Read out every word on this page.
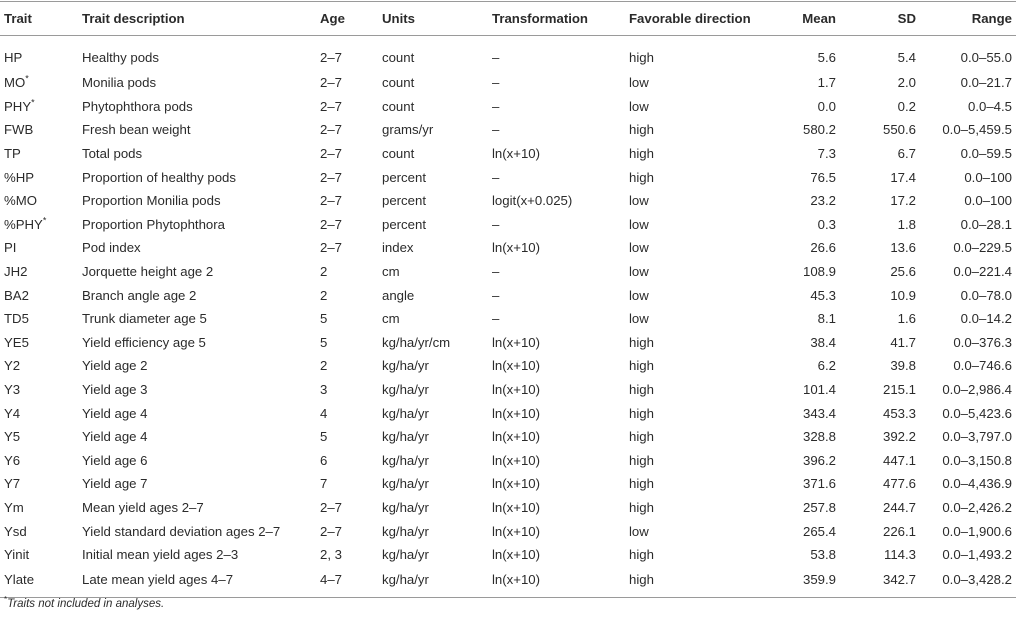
Trait	Trait description	Age	Units	Transformation	Favorable direction	Mean	SD	Range
HP	Healthy pods	2–7	count	–	high	5.6	5.4	0.0–55.0
MO*	Monilia pods	2–7	count	–	low	1.7	2.0	0.0–21.7
PHY*	Phytophthora pods	2–7	count	–	low	0.0	0.2	0.0–4.5
FWB	Fresh bean weight	2–7	grams/yr	–	high	580.2	550.6	0.0–5,459.5
TP	Total pods	2–7	count	ln(x+10)	high	7.3	6.7	0.0–59.5
%HP	Proportion of healthy pods	2–7	percent	–	high	76.5	17.4	0.0–100
%MO	Proportion Monilia pods	2–7	percent	logit(x+0.025)	low	23.2	17.2	0.0–100
%PHY*	Proportion Phytophthora	2–7	percent	–	low	0.3	1.8	0.0–28.1
PI	Pod index	2–7	index	ln(x+10)	low	26.6	13.6	0.0–229.5
JH2	Jorquette height age 2	2	cm	–	low	108.9	25.6	0.0–221.4
BA2	Branch angle age 2	2	angle	–	low	45.3	10.9	0.0–78.0
TD5	Trunk diameter age 5	5	cm	–	low	8.1	1.6	0.0–14.2
YE5	Yield efficiency age 5	5	kg/ha/yr/cm	ln(x+10)	high	38.4	41.7	0.0–376.3
Y2	Yield age 2	2	kg/ha/yr	ln(x+10)	high	6.2	39.8	0.0–746.6
Y3	Yield age 3	3	kg/ha/yr	ln(x+10)	high	101.4	215.1	0.0–2,986.4
Y4	Yield age 4	4	kg/ha/yr	ln(x+10)	high	343.4	453.3	0.0–5,423.6
Y5	Yield age 4	5	kg/ha/yr	ln(x+10)	high	328.8	392.2	0.0–3,797.0
Y6	Yield age 6	6	kg/ha/yr	ln(x+10)	high	396.2	447.1	0.0–3,150.8
Y7	Yield age 7	7	kg/ha/yr	ln(x+10)	high	371.6	477.6	0.0–4,436.9
Ym	Mean yield ages 2–7	2–7	kg/ha/yr	ln(x+10)	high	257.8	244.7	0.0–2,426.2
Ysd	Yield standard deviation ages 2–7	2–7	kg/ha/yr	ln(x+10)	low	265.4	226.1	0.0–1,900.6
Yinit	Initial mean yield ages 2–3	2, 3	kg/ha/yr	ln(x+10)	high	53.8	114.3	0.0–1,493.2
Ylate	Late mean yield ages 4–7	4–7	kg/ha/yr	ln(x+10)	high	359.9	342.7	0.0–3,428.2
*Traits not included in analyses.
